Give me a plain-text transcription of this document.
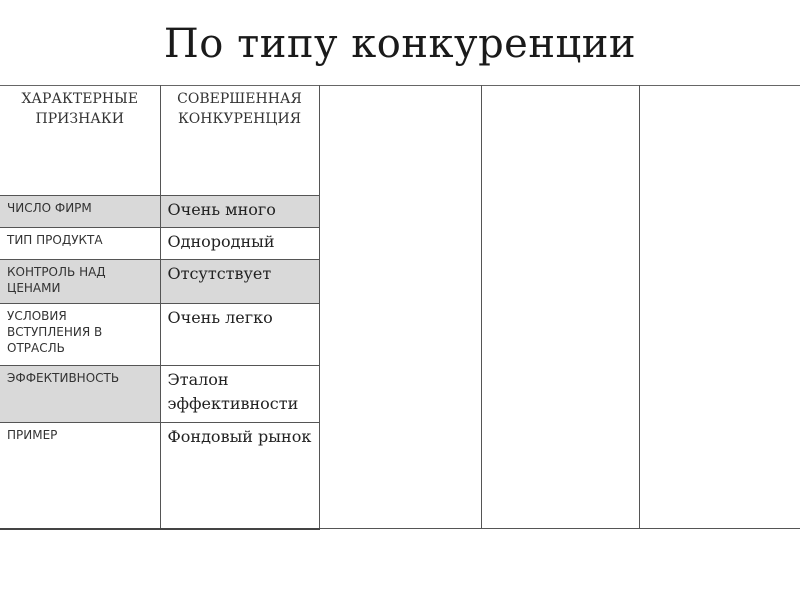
По типу конкуренции
ХАРАКТЕРНЫЕ ПРИЗНАКИ	СОВЕРШЕННАЯ КОНКУРЕНЦИЯ			

ЧИСЛО ФИРМ	Очень много			

ТИП ПРОДУКТА	Однородный			

КОНТРОЛЬ НАД ЦЕНАМИ	Отсутствует			

УСЛОВИЯ ВСТУПЛЕНИЯ В ОТРАСЛЬ	Очень легко			

ЭФФЕКТИВНОСТЬ	Эталон эффективности			

ПРИМЕР	Фондовый рынок			
